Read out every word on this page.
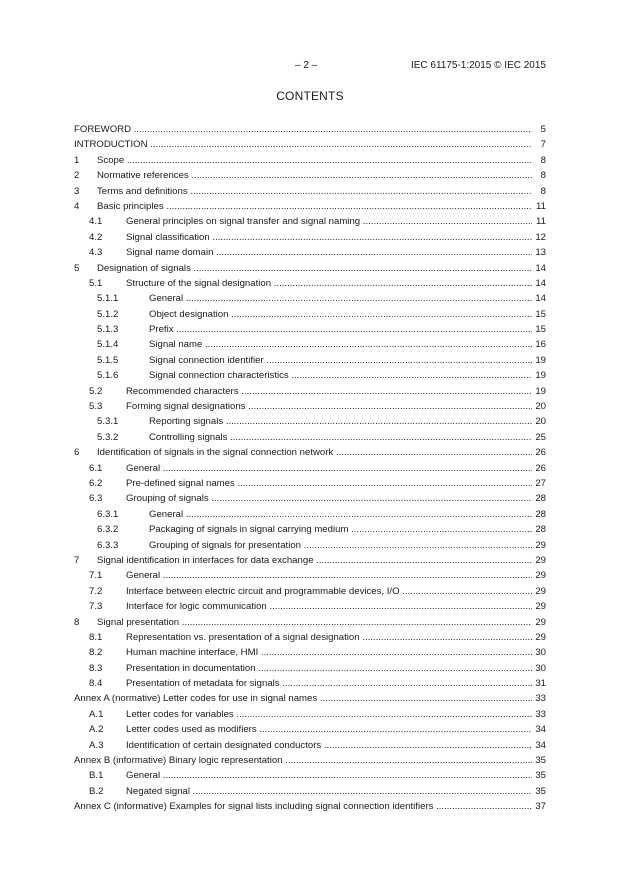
– 2 –	IEC 61175-1:2015 © IEC 2015
CONTENTS
FOREWORD .....	5
INTRODUCTION .....	7
1 Scope .....	8
2 Normative references .....	8
3 Terms and definitions .....	8
4 Basic principles .....	11
4.1 General principles on signal transfer and signal naming .....	11
4.2 Signal classification .....	12
4.3 Signal name domain .....	13
5 Designation of signals .....	14
5.1 Structure of the signal designation .....	14
5.1.1	General .....	14
5.1.2	Object designation .....	15
5.1.3	Prefix .....	15
5.1.4	Signal name .....	16
5.1.5	Signal connection identifier .....	19
5.1.6	Signal connection characteristics .....	19
5.2 Recommended characters .....	19
5.3 Forming signal designations .....	20
5.3.1	Reporting signals .....	20
5.3.2	Controlling signals .....	25
6 Identification of signals in the signal connection network .....	26
6.1 General .....	26
6.2 Pre-defined signal names .....	27
6.3 Grouping of signals .....	28
6.3.1	General .....	28
6.3.2	Packaging of signals in signal carrying medium .....	28
6.3.3	Grouping of signals for presentation .....	29
7 Signal identification in interfaces for data exchange .....	29
7.1 General .....	29
7.2 Interface between electric circuit and programmable devices, I/O .....	29
7.3 Interface for logic communication .....	29
8 Signal presentation .....	29
8.1 Representation vs. presentation of a signal designation .....	29
8.2 Human machine interface, HMI .....	30
8.3 Presentation in documentation .....	30
8.4 Presentation of metadata for signals .....	31
Annex A (normative) Letter codes for use in signal names .....	33
A.1 Letter codes for variables .....	33
A.2 Letter codes used as modifiers .....	34
A.3 Identification of certain designated conductors .....	34
Annex B (informative) Binary logic representation .....	35
B.1 General .....	35
B.2 Negated signal .....	35
Annex C (informative) Examples for signal lists including signal connection identifiers .....	37
